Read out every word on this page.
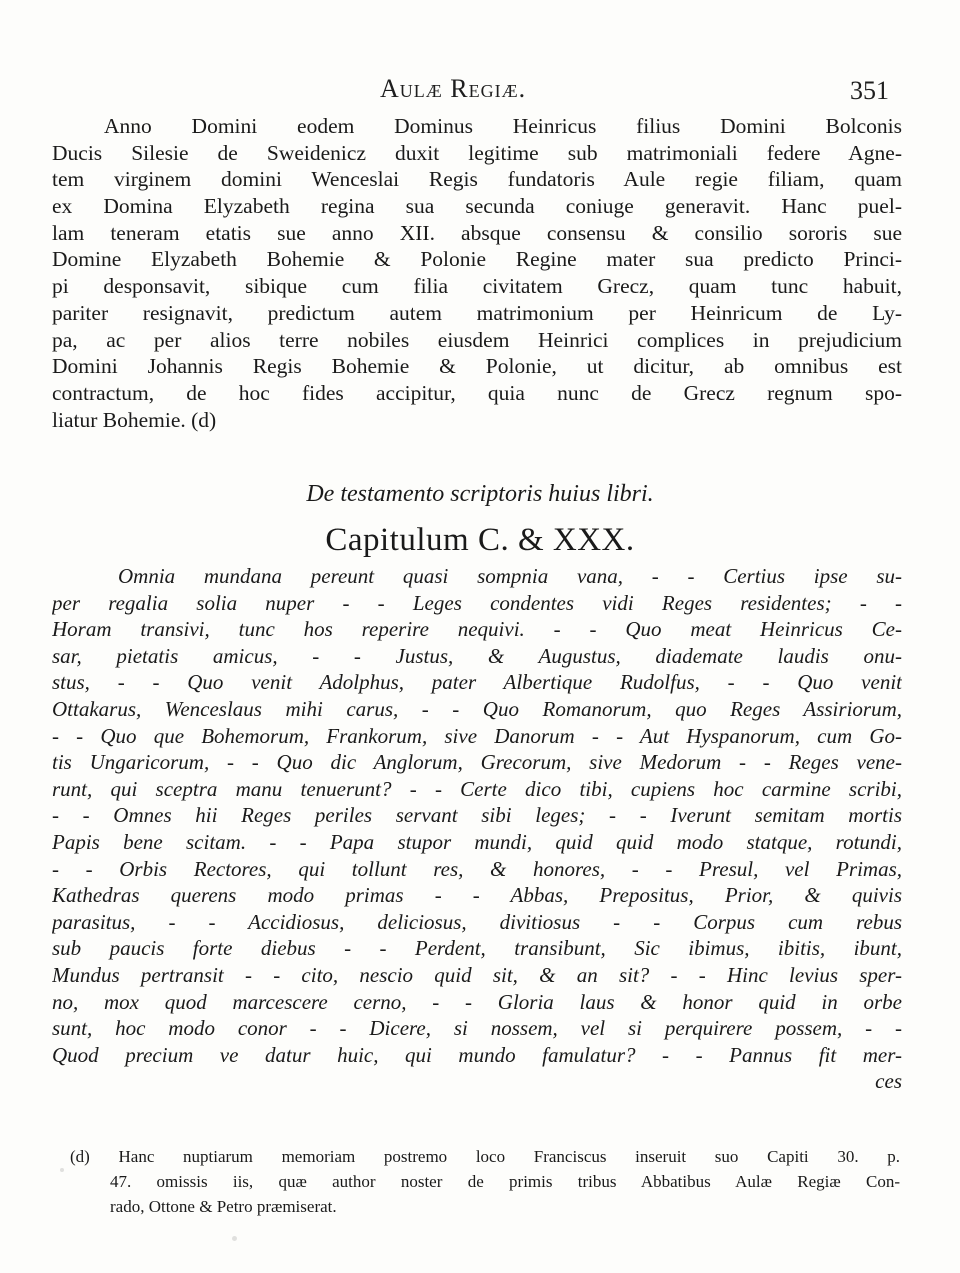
Aulæ Regiæ.	351
Anno Domini eodem Dominus Heinricus filius Domini Bolconis
Ducis Silesie de Sweidenicz duxit legitime sub matrimoniali federe Agne-
tem virginem domini Wenceslai Regis fundatoris Aule regie filiam, quam
ex Domina Elyzabeth regina sua secunda coniuge generavit. Hanc puel-
lam teneram etatis sue anno XII. absque consensu & consilio sororis sue
Domine Elyzabeth Bohemie & Polonie Regine mater sua predicto Princi-
pi desponsavit, sibique cum filia civitatem Grecz, quam tunc habuit,
pariter resignavit, predictum autem matrimonium per Heinricum de Ly-
pa, ac per alios terre nobiles eiusdem Heinrici complices in prejudicium
Domini Johannis Regis Bohemie & Polonie, ut dicitur, ab omnibus est
contractum, de hoc fides accipitur, quia nunc de Grecz regnum spo-
liatur Bohemie. (d)
De testamento scriptoris huius libri.
Capitulum C. & XXX.
Omnia mundana pereunt quasi sompnia vana, - - Certius ipse su-
per regalia solia nuper - - Leges condentes vidi Reges residentes; - -
Horam transivi, tunc hos reperire nequivi. - - Quo meat Heinricus Ce-
sar, pietatis amicus, - - Justus, & Augustus, diademate laudis onu-
stus, - - Quo venit Adolphus, pater Albertique Rudolfus, - - Quo venit
Ottakarus, Wenceslaus mihi carus, - - Quo Romanorum, quo Reges Assiriorum,
- - Quo que Bohemorum, Frankorum, sive Danorum - - Aut Hyspanorum, cum Go-
tis Ungaricorum, - - Quo dic Anglorum, Grecorum, sive Medorum - - Reges vene-
runt, qui sceptra manu tenuerunt? - - Certe dico tibi, cupiens hoc carmine scribi,
- - Omnes hii Reges periles servant sibi leges; - - Iverunt semitam mortis
Papis bene scitam. - - Papa stupor mundi, quid quid modo statque, rotundi,
- - Orbis Rectores, qui tollunt res, & honores, - - Presul, vel Primas,
Kathedras querens modo primas - - Abbas, Prepositus, Prior, & quivis
parasitus, - - Accidiosus, deliciosus, divitiosus - - Corpus cum rebus
sub paucis forte diebus - - Perdent, transibunt, Sic ibimus, ibitis, ibunt,
Mundus pertransit - - cito, nescio quid sit, & an sit? - - Hinc levius sper-
no, mox quod marcescere cerno, - - Gloria laus & honor quid in orbe
sunt, hoc modo conor - - Dicere, si nossem, vel si perquirere possem, - -
Quod precium ve datur huic, qui mundo famulatur? - - Pannus fit mer-
ces
(d) Hanc nuptiarum memoriam postremo loco Franciscus inseruit suo Capiti 30. p.
47. omissis iis, quæ author noster de primis tribus Abbatibus Aulæ Regiæ Con-
rado, Ottone & Petro præmiserat.
